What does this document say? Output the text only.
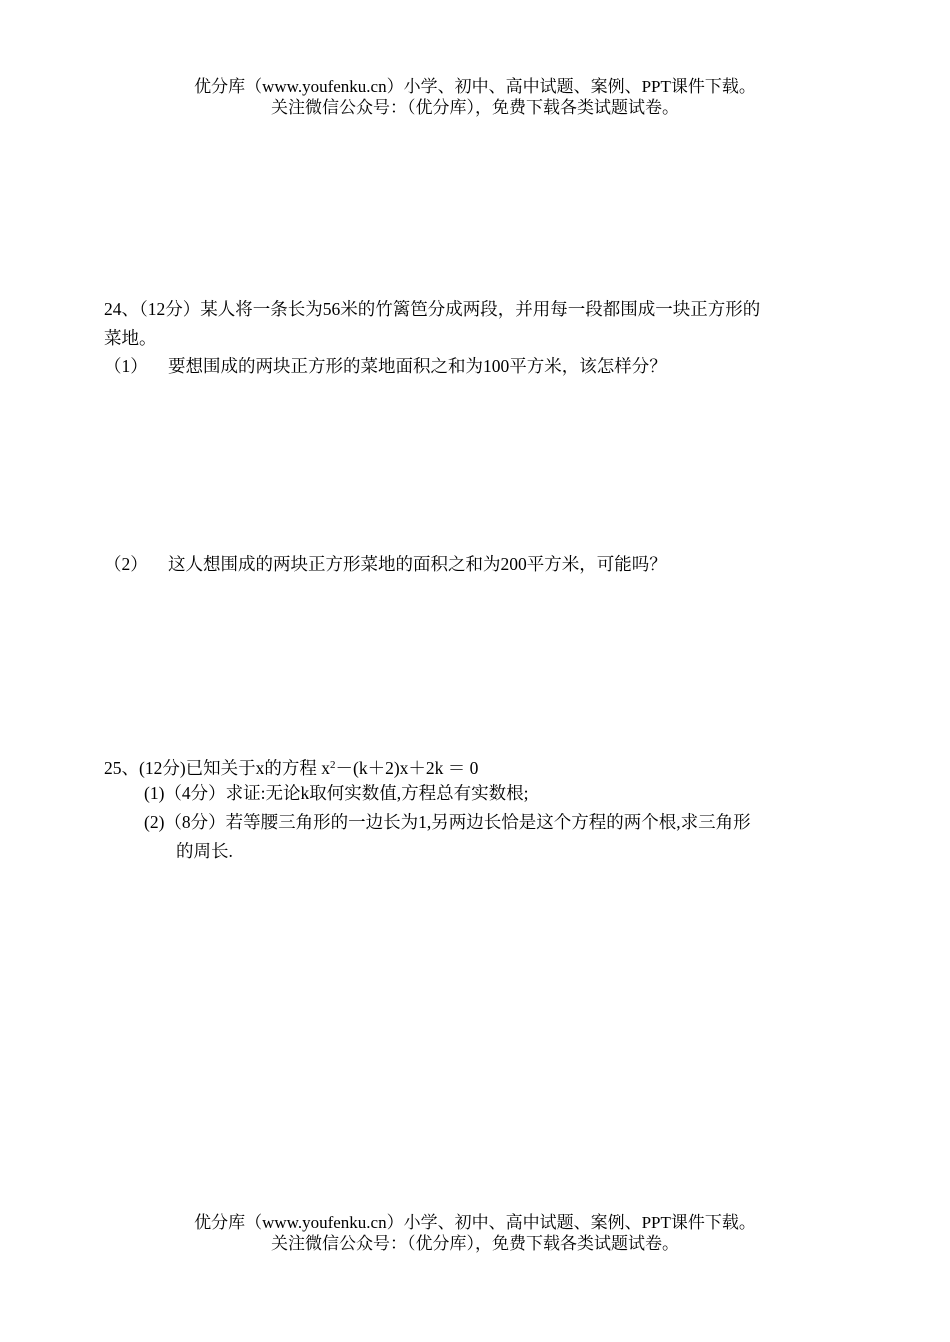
优分库（www.youfenku.cn）小学、初中、高中试题、案例、PPT课件下载。
关注微信公众号：（优分库），免费下载各类试题试卷。
24、（12分）某人将一条长为56米的竹篱笆分成两段，并用每一段都围成一块正方形的
菜地。
（1） 要想围成的两块正方形的菜地面积之和为100平方米，该怎样分？
（2） 这人想围成的两块正方形菜地的面积之和为200平方米，可能吗？
25、(12分)已知关于x的方程 $x^2-(k+2)x+2k = 0$
(1)（4分）求证:无论k取何实数值,方程总有实数根;
(2)（8分）若等腰三角形的一边长为1,另两边长恰是这个方程的两个根,求三角形
的周长.
优分库（www.youfenku.cn）小学、初中、高中试题、案例、PPT课件下载。
关注微信公众号：（优分库），免费下载各类试题试卷。
